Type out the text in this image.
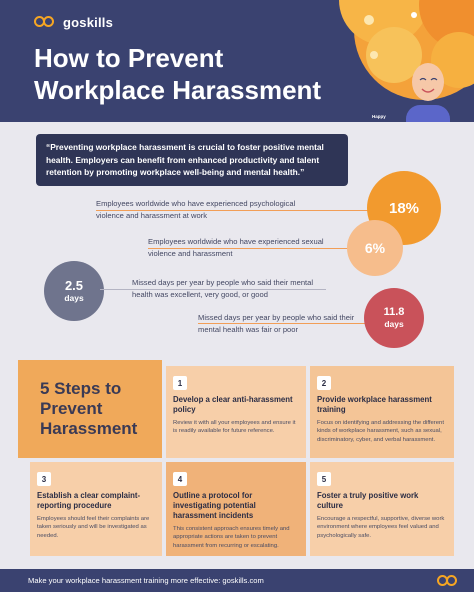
goskills
How to Prevent Workplace Harassment
Happy
“Preventing workplace harassment is crucial to foster positive mental health. Employers can benefit from enhanced productivity and talent retention by promoting workplace well-being and mental health.”
Employees worldwide who have experienced psychological violence and harassment at work	18%
Employees worldwide who have experienced sexual violence and harassment	6%
2.5
days
Missed days per year by people who said their mental health was excellent, very good, or good
Missed days per year by people who said their mental health was fair or poor
11.8
days
5 Steps to Prevent Harassment
1
Develop a clear anti-harassment policy
Review it with all your employees and ensure it is readily available for future reference.
2
Provide workplace harassment training
Focus on identifying and addressing the different kinds of workplace harassment, such as sexual, discriminatory, cyber, and verbal harassment.
3
Establish a clear complaint-reporting procedure
Employees should feel their complaints are taken seriously and will be investigated as needed.
4
Outline a protocol for investigating potential harassment incidents
This consistent approach ensures timely and appropriate actions are taken to prevent harassment from recurring or escalating.
5
Foster a truly positive work culture
Encourage a respectful, supportive, diverse work environment where employees feel valued and psychologically safe.
Make your workplace harassment training more effective: goskills.com
